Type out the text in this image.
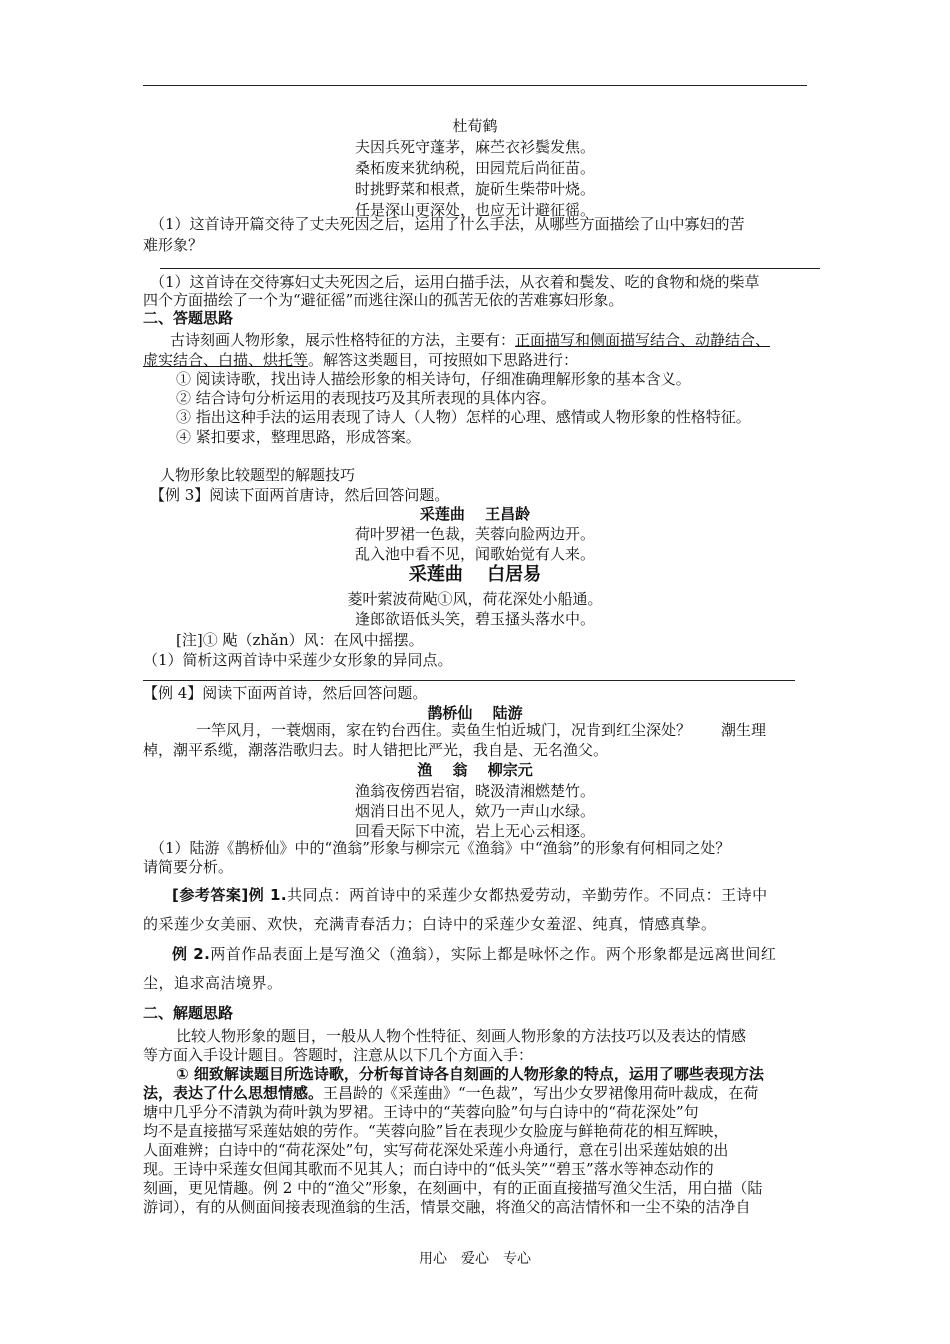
杜荀鹤
夫因兵死守蓬茅，麻苎衣衫鬓发焦。
桑柘废来犹纳税，田园荒后尚征苗。
时挑野菜和根煮，旋斫生柴带叶烧。
任是深山更深处，也应无计避征徭。
（1）这首诗开篇交待了丈夫死因之后，运用了什么手法，从哪些方面描绘了山中寡妇的苦
难形象？
（1）这首诗在交待寡妇丈夫死因之后，运用白描手法，从衣着和鬓发、吃的食物和烧的柴草
四个方面描绘了一个为“避征徭”而逃往深山的孤苦无依的苦难寡妇形象。
二、答题思路
古诗刻画人物形象，展示性格特征的方法，主要有：正面描写和侧面描写结合、动静结合、
虚实结合、白描、烘托等。解答这类题目，可按照如下思路进行：
① 阅读诗歌，找出诗人描绘形象的相关诗句，仔细准确理解形象的基本含义。
② 结合诗句分析运用的表现技巧及其所表现的具体内容。
③ 指出这种手法的运用表现了诗人（人物）怎样的心理、感情或人物形象的性格特征。
④ 紧扣要求，整理思路，形成答案。
人物形象比较题型的解题技巧
【例 3】阅读下面两首唐诗，然后回答问题。
采莲曲　 王昌龄
荷叶罗裙一色裁，芙蓉向脸两边开。
乱入池中看不见，闻歌始觉有人来。
采莲曲　 白居易
菱叶萦波荷飐①风，荷花深处小船通。
逢郎欲语低头笑，碧玉搔头落水中。
[注]① 飐（zhǎn）风：在风中摇摆。
（1）简析这两首诗中采莲少女形象的异同点。
【例 4】阅读下面两首诗，然后回答问题。
鹊桥仙　 陆游
一竿风月，一蓑烟雨，家在钓台西住。卖鱼生怕近城门，况肯到红尘深处？　　潮生理
棹，潮平系缆，潮落浩歌归去。时人错把比严光，我自是、无名渔父。
渔　 翁　 柳宗元
渔翁夜傍西岩宿，晓汲清湘燃楚竹。
烟消日出不见人，欸乃一声山水绿。
回看天际下中流，岩上无心云相逐。
（1）陆游《鹊桥仙》中的“渔翁”形象与柳宗元《渔翁》中“渔翁”的形象有何相同之处？
请简要分析。
[参考答案]例 1.共同点：两首诗中的采莲少女都热爱劳动，辛勤劳作。不同点：王诗中
的采莲少女美丽、欢快，充满青春活力；白诗中的采莲少女羞涩、纯真，情感真挚。
例 2.两首作品表面上是写渔父（渔翁），实际上都是咏怀之作。两个形象都是远离世间红
尘，追求高洁境界。
二、解题思路
比较人物形象的题目，一般从人物个性特征、刻画人物形象的方法技巧以及表达的情感
等方面入手设计题目。答题时，注意从以下几个方面入手：
① 细致解读题目所选诗歌，分析每首诗各自刻画的人物形象的特点，运用了哪些表现方法
法，表达了什么思想情感。王昌龄的《采莲曲》“一色裁”，写出少女罗裙像用荷叶裁成，在荷
塘中几乎分不清孰为荷叶孰为罗裙。王诗中的“芙蓉向脸”句与白诗中的“荷花深处”句
均不是直接描写采莲姑娘的劳作。“芙蓉向脸”旨在表现少女脸庞与鲜艳荷花的相互辉映，
人面难辨；白诗中的“荷花深处”句，实写荷花深处采莲小舟通行，意在引出采莲姑娘的出
现。王诗中采莲女但闻其歌而不见其人；而白诗中的“低头笑”“碧玉”落水等神态动作的
刻画，更见情趣。例 2 中的“渔父”形象，在刻画中，有的正面直接描写渔父生活，用白描（陆
游词），有的从侧面间接表现渔翁的生活，情景交融，将渔父的高洁情怀和一尘不染的洁净自
用心　爱心　专心
